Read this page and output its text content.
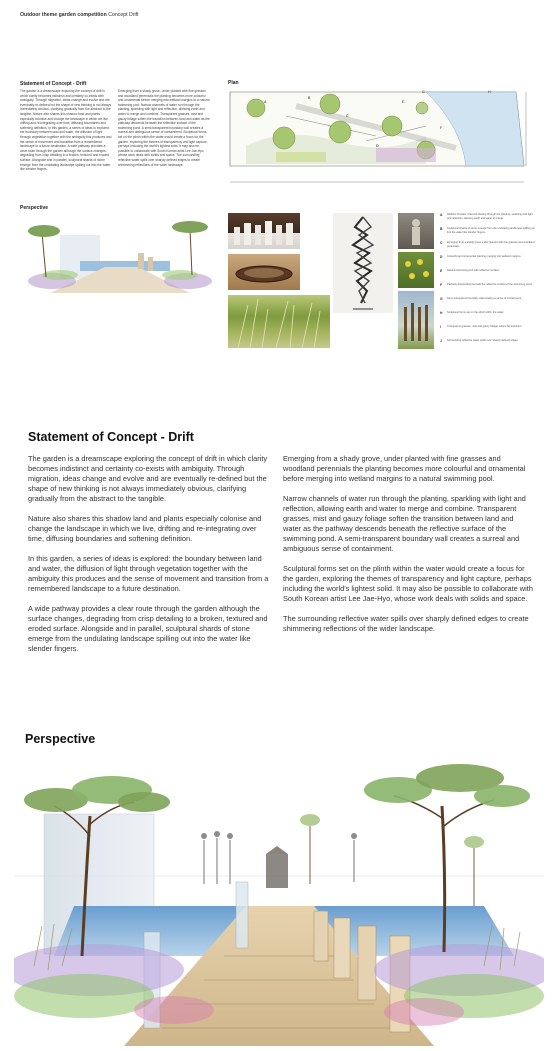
Outdoor theme garden competition Concept Drift
Statement of Concept - Drift
The garden is a dreamscape exploring the concept of drift in which clarity becomes indistinct and certainty co-exists with ambiguity. Through migration, ideas change and evolve and are eventually re-defined but the shape of new thinking is not always immediately obvious, clarifying gradually from the abstract to the tangible. Nature also shares this shadow land and plants especially colonise and change the landscape in which we live, drifting and re-integrating over time, diffusing boundaries and softening definition. In this garden, a series of ideas is explored: the boundary between land and water, the diffusion of light through vegetation together with the ambiguity this produces and the sense of movement and transition from a remembered landscape to a future destination. A wide pathway provides a clear route through the garden although the surface changes, degrading from crisp detailing to a broken, textured and eroded surface. Alongside and in parallel, sculptural shards of stone emerge from the undulating landscape spilling out into the water like slender fingers.
Emerging from a shady grove, under planted with fine grasses and woodland perennials the planting becomes more colourful and ornamental before merging into wetland margins to a natural swimming pool. Narrow channels of water run through the planting, sparkling with light and reflection, allowing earth and water to merge and combine. Transparent grasses, mist and gauzy foliage soften the transition between land and water as the pathway descends beneath the reflective surface of the swimming pond. A semi-transparent boundary wall creates a surreal and ambiguous sense of containment. Sculptural forms set on the plinth within the water would create a focus for the garden, exploring the themes of transparency and light capture, perhaps including the world's lightest solid. It may also be possible to collaborate with South Korean artist Lee Jae-Hyo, whose work deals with solids and space. The surrounding reflective water spills over sharply defined edges to create shimmering reflections of the wider landscape.
Plan
A
B
C
D
E
F
G	H
Perspective
A Shallow rill water channels flowing through the planting, sparkling with light and reflection, allowing earth and water to merge.
B Sculptural shards of stone emerge from the undulating landscape spilling out into the water like slender fingers.
C Emerging from a shady grove under planted with fine grasses and woodland perennials.
D Colourful and ornamental planting merging into wetland margins.
E Natural swimming pool with reflective surface.
F Pathway descending beneath the reflective surface of the swimming pond.
G Semi-transparent boundary wall creating a sense of containment.
H Sculptural forms set on the plinth within the water.
I Transparent grasses, mist and gauzy foliage soften the transition.
J Surrounding reflective water spills over sharply defined edges.
Statement of Concept - Drift

The garden is a dreamscape exploring the concept of drift in which clarity becomes indistinct and certainty co-exists with ambiguity. Through migration, ideas change and evolve and are eventually re-defined but the shape of new thinking is not always immediately obvious, clarifying gradually from the abstract to the tangible.

Nature also shares this shadow land and plants especially colonise and change the landscape in which we live, drifting and re-integrating over time, diffusing boundaries and softening definition.

In this garden, a series of ideas is explored: the boundary between land and water, the diffusion of light through vegetation together with the ambiguity this produces and the sense of movement and transition from a remembered landscape to a future destination.

A wide pathway provides a clear route through the garden although the surface changes, degrading from crisp detailing to a broken, textured and eroded surface. Alongside and in parallel, sculptural shards of stone emerge from the undulating landscape spilling out into the water like slender fingers.

Emerging from a shady grove, under planted with fine grasses and woodland perennials the planting becomes more colourful and ornamental before merging into wetland margins to a natural swimming pool.

Narrow channels of water run through the planting, sparkling with light and reflection, allowing earth and water to merge and combine. Transparent grasses, mist and gauzy foliage soften the transition between land and water as the pathway descends beneath the reflective surface of the swimming pond. A semi-transparent boundary wall creates a surreal and ambiguous sense of containment.

Sculptural forms set on the plinth within the water would create a focus for the garden, exploring the themes of transparency and light capture, perhaps including the world's lightest solid. It may also be possible to collaborate with South Korean artist Lee Jae-Hyo, whose work deals with solids and space.

The surrounding reflective water spills over sharply defined edges to create shimmering reflections of the wider landscape.

Perspective
